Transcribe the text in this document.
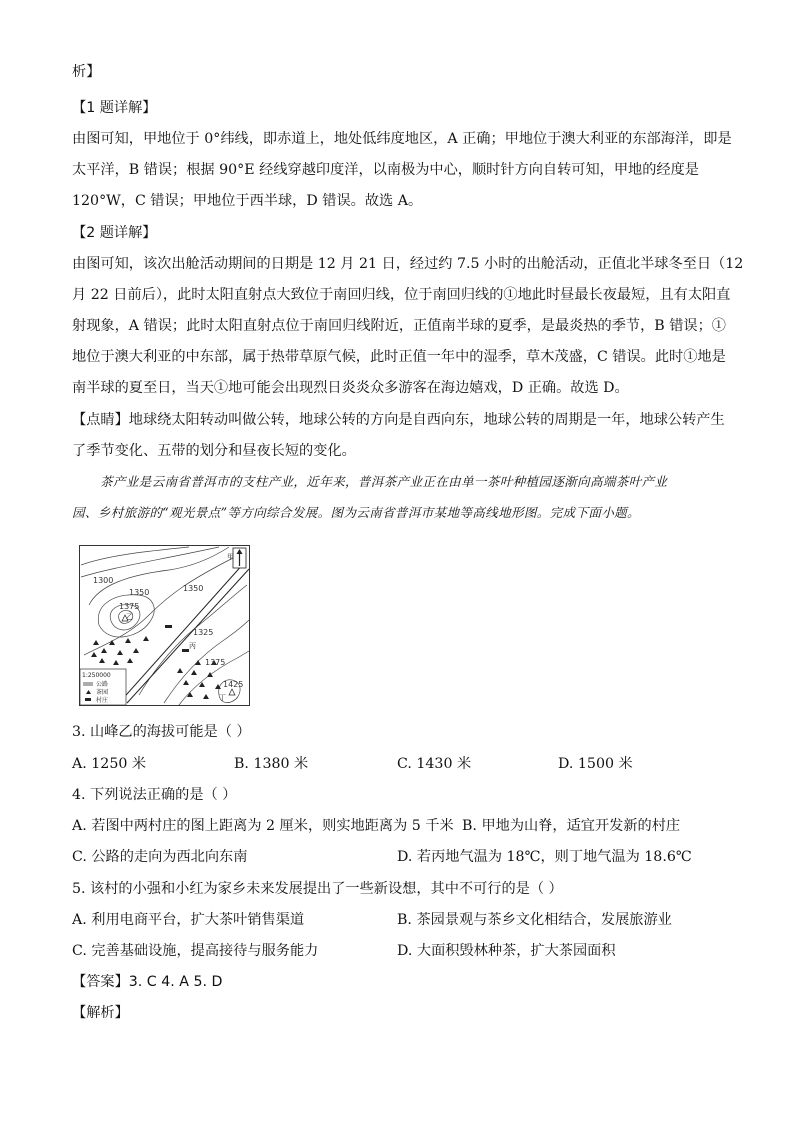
析】
【1 题详解】
由图可知，甲地位于 0°纬线，即赤道上，地处低纬度地区，A 正确；甲地位于澳大利亚的东部海洋，即是
太平洋，B 错误；根据 90°E 经线穿越印度洋，以南极为中心，顺时针方向自转可知，甲地的经度是
120°W，C 错误；甲地位于西半球，D 错误。故选 A。
【2 题详解】
由图可知，该次出舱活动期间的日期是 12 月 21 日，经过约 7.5 小时的出舱活动，正值北半球冬至日（12
月 22 日前后），此时太阳直射点大致位于南回归线，位于南回归线的①地此时昼最长夜最短，且有太阳直
射现象，A 错误；此时太阳直射点位于南回归线附近，正值南半球的夏季，是最炎热的季节，B 错误；①
地位于澳大利亚的中东部，属于热带草原气候，此时正值一年中的湿季，草木茂盛，C 错误。此时①地是
南半球的夏至日，当天①地可能会出现烈日炎炎众多游客在海边嬉戏，D 正确。故选 D。
【点睛】地球绕太阳转动叫做公转，地球公转的方向是自西向东，地球公转的周期是一年，地球公转产生
了季节变化、五带的划分和昼夜长短的变化。
茶产业是云南省普洱市的支柱产业，近年来，普洱茶产业正在由单一茶叶种植园逐渐向高端茶叶产业
园、乡村旅游的“观光景点”等方向综合发展。图为云南省普洱市某地等高线地形图。完成下面小题。
1300
1350
1375
1350
1325
1375
1425
乙
甲
丙
丁
1:250000
公路
茶园
村庄
3. 山峰乙的海拔可能是（ ）
A. 1250 米	B. 1380 米	C. 1430 米	D. 1500 米
4. 下列说法正确的是（ ）
A. 若图中两村庄的图上距离为 2 厘米，则实地距离为 5 千米 B. 甲地为山脊，适宜开发新的村庄
C. 公路的走向为西北向东南	D. 若丙地气温为 18℃，则丁地气温为 18.6℃
5. 该村的小强和小红为家乡未来发展提出了一些新设想，其中不可行的是（ ）
A. 利用电商平台，扩大茶叶销售渠道	B. 茶园景观与茶乡文化相结合，发展旅游业
C. 完善基础设施，提高接待与服务能力	D. 大面积毁林种茶，扩大茶园面积
【答案】3. C 4. A 5. D
【解析】
